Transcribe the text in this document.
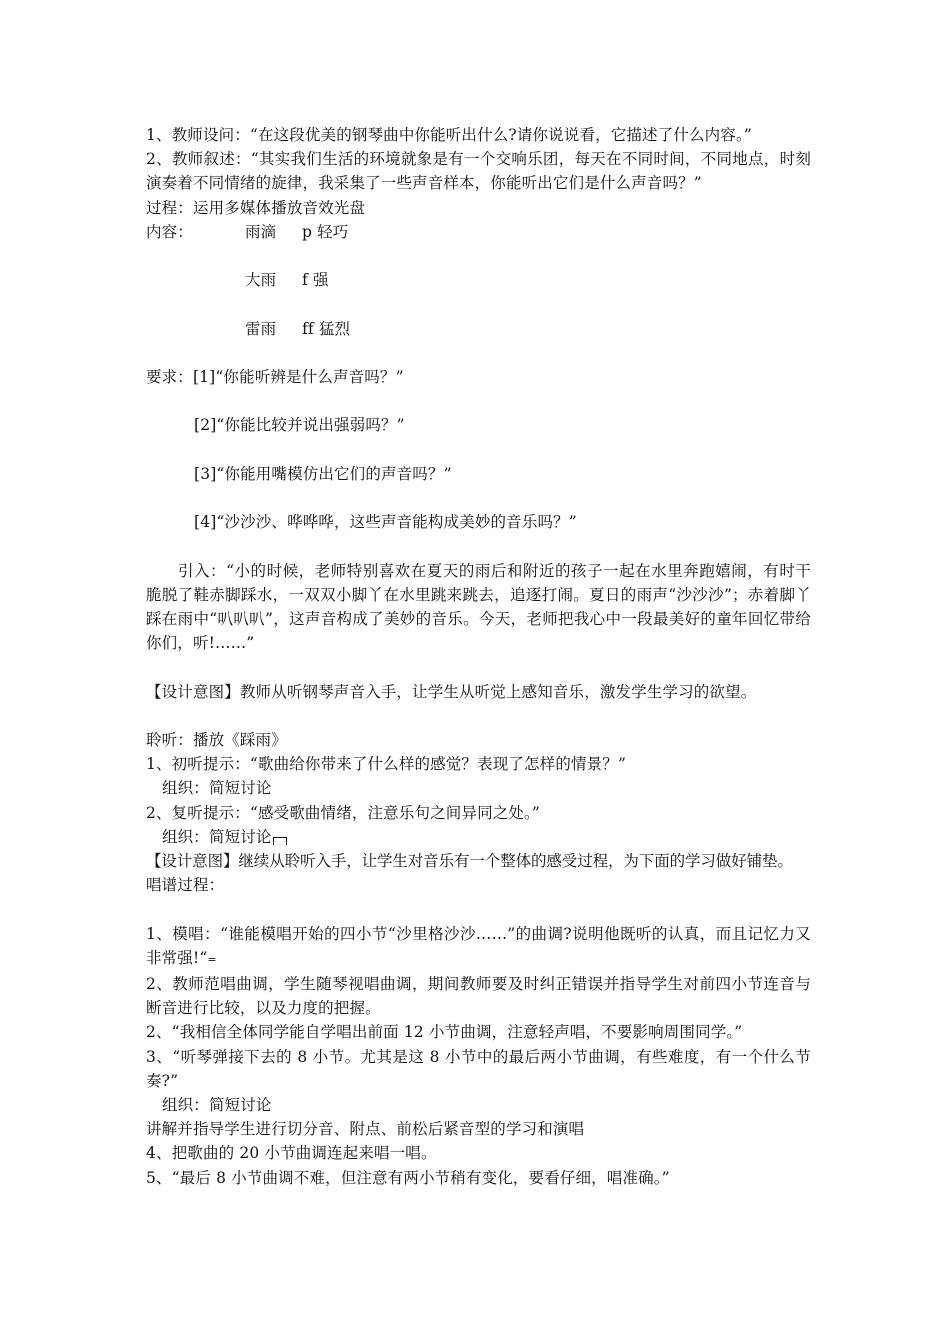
1、教师设问：“在这段优美的钢琴曲中你能听出什么?请你说说看，它描述了什么内容。”

2、教师叙述：“其实我们生活的环境就象是有一个交响乐团，每天在不同时间，不同地点，时刻演奏着不同情绪的旋律，我采集了一些声音样本，你能听出它们是什么声音吗？”

过程：运用多媒体播放音效光盘

内容：	雨滴	p 轻巧
大雨	f 强
雷雨	ff 猛烈

要求：[1]“你能听辨是什么声音吗？”

[2]“你能比较并说出强弱吗？”

[3]“你能用嘴模仿出它们的声音吗？”

[4]“沙沙沙、哗哗哗，这些声音能构成美妙的音乐吗？”

引入：“小的时候，老师特别喜欢在夏天的雨后和附近的孩子一起在水里奔跑嬉闹，有时干脆脱了鞋赤脚踩水，一双双小脚丫在水里跳来跳去，追逐打闹。夏日的雨声“沙沙沙”；赤着脚丫踩在雨中“叭叭叭”，这声音构成了美妙的音乐。今天，老师把我心中一段最美好的童年回忆带给你们，听!……”

【设计意图】教师从听钢琴声音入手，让学生从听觉上感知音乐，激发学生学习的欲望。

聆听：播放《踩雨》

1、初听提示：“歌曲给你带来了什么样的感觉？表现了怎样的情景？”

组织：简短讨论

2、复听提示：“感受歌曲情绪，注意乐句之间异同之处。”

组织：简短讨论

【设计意图】继续从聆听入手，让学生对音乐有一个整体的感受过程，为下面的学习做好铺垫。

唱谱过程：

1、模唱：“谁能模唱开始的四小节“沙里格沙沙……”的曲调?说明他既听的认真，而且记忆力又非常强!“=

2、教师范唱曲调，学生随琴视唱曲调，期间教师要及时纠正错误并指导学生对前四小节连音与断音进行比较，以及力度的把握。

2、“我相信全体同学能自学唱出前面 12 小节曲调，注意轻声唱，不要影响周围同学。”

3、“听琴弹接下去的 8 小节。尤其是这 8 小节中的最后两小节曲调，有些难度，有一个什么节奏?”

组织：简短讨论

讲解并指导学生进行切分音、附点、前松后紧音型的学习和演唱

4、把歌曲的 20 小节曲调连起来唱一唱。

5、“最后 8 小节曲调不难，但注意有两小节稍有变化，要看仔细，唱准确。”
